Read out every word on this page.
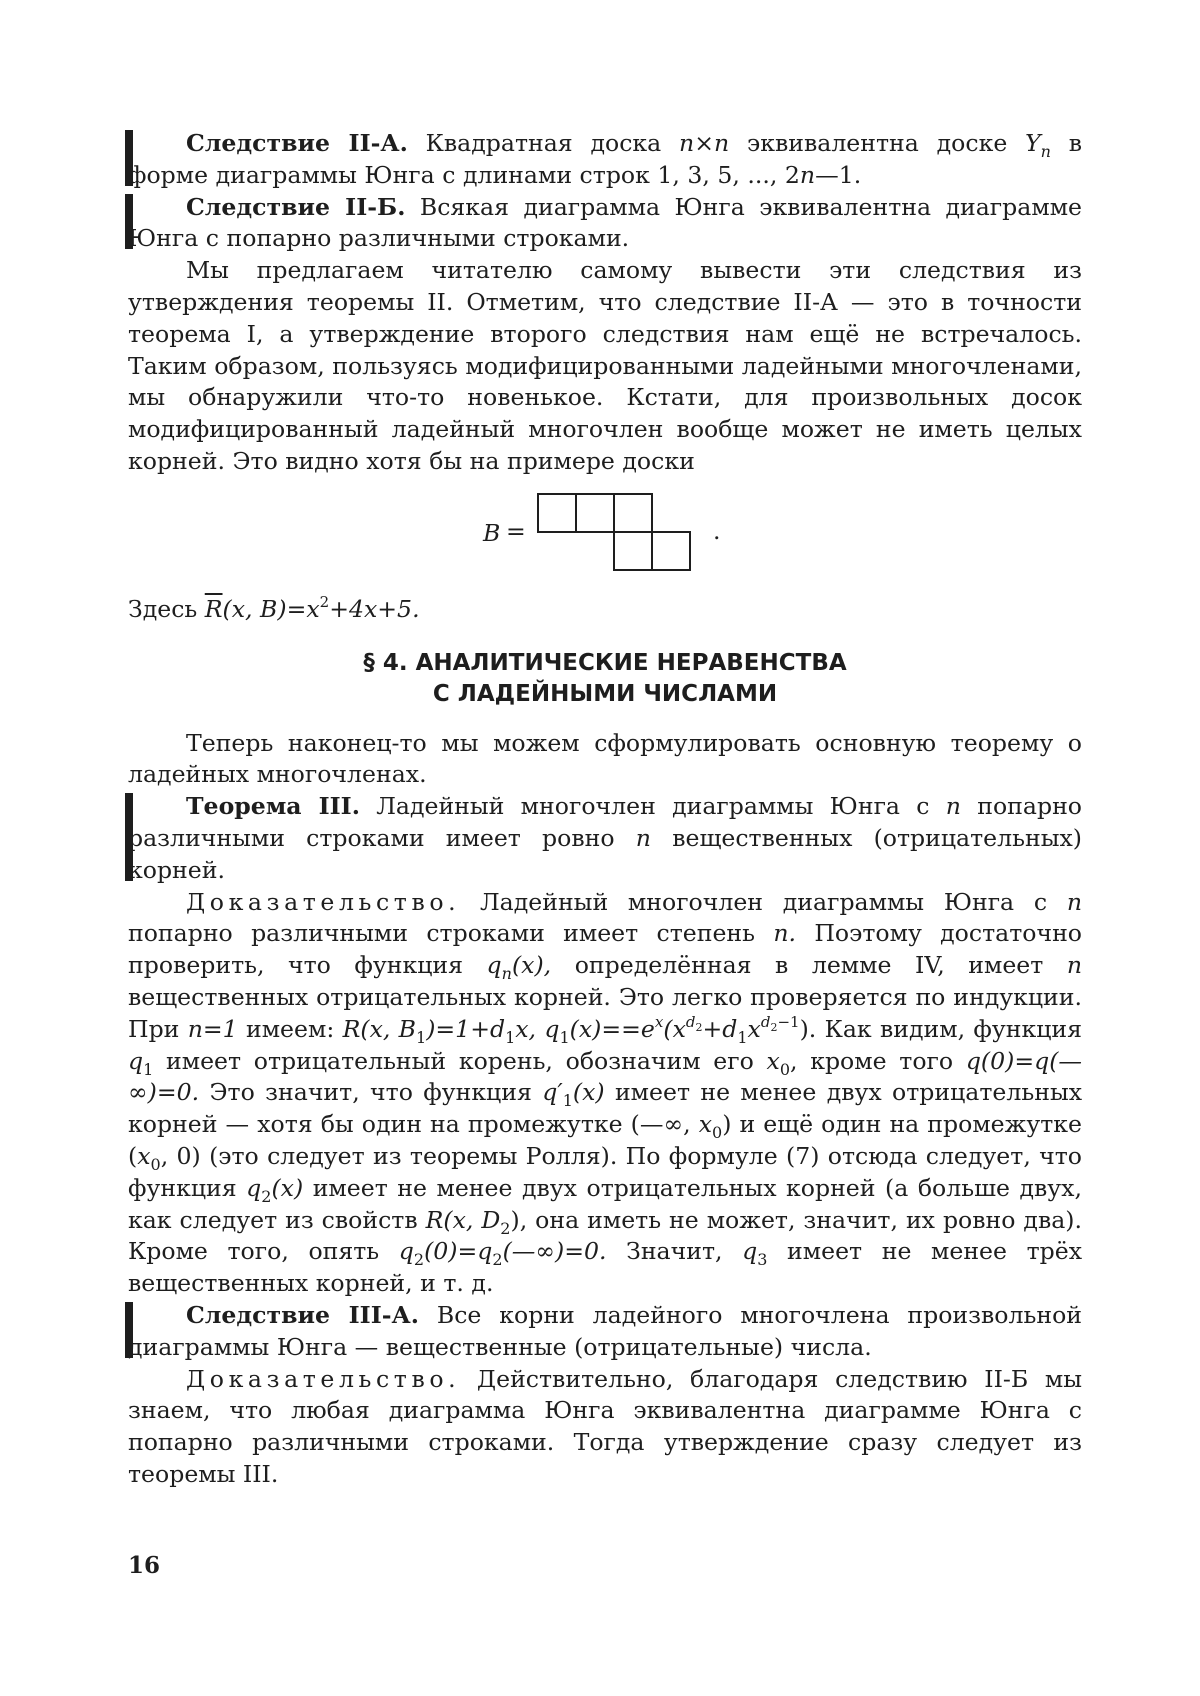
Следствие II-А. Квадратная доска n×n эквивалентна доске Yn в форме диаграммы Юнга с длинами строк 1, 3, 5, ..., 2n—1.

Следствие II-Б. Всякая диаграмма Юнга эквивалентна диаграмме Юнга с попарно различными строками.

Мы предлагаем читателю самому вывести эти следствия из утверждения теоремы II. Отметим, что следствие II-А — это в точности теорема I, а утверждение второго следствия нам ещё не встречалось. Таким образом, пользуясь модифицированными ладейными многочленами, мы обнаружили что-то новенькое. Кстати, для произвольных досок модифицированный ладейный многочлен вообще может не иметь целых корней. Это видно хотя бы на примере доски

B =	.

Здесь R(x, B)=x2+4x+5.

§ 4. АНАЛИТИЧЕСКИЕ НЕРАВЕНСТВА
С ЛАДЕЙНЫМИ ЧИСЛАМИ

Теперь наконец-то мы можем сформулировать основную теорему о ладейных многочленах.

Теорема III. Ладейный многочлен диаграммы Юнга с n попарно различными строками имеет ровно n вещественных (отрицательных) корней.

Доказательство. Ладейный многочлен диаграммы Юнга с n попарно различными строками имеет степень n. Поэтому достаточно проверить, что функция qn(x), определённая в лемме IV, имеет n вещественных отрицательных корней. Это легко проверяется по индукции. При n=1 имеем: R(x, B1)=1+d1x, q1(x)==ex(xd2+d1xd2−1). Как видим, функция q1 имеет отрицательный корень, обозначим его x0, кроме того q(0)=q(—∞)=0. Это значит, что функция q′1(x) имеет не менее двух отрицательных корней — хотя бы один на промежутке (—∞, x0) и ещё один на промежутке (x0, 0) (это следует из теоремы Ролля). По формуле (7) отсюда следует, что функция q2(x) имеет не менее двух отрицательных корней (а больше двух, как следует из свойств R(x, D2), она иметь не может, значит, их ровно два). Кроме того, опять q2(0)=q2(—∞)=0. Значит, q3 имеет не менее трёх вещественных корней, и т. д.

Следствие III-А. Все корни ладейного многочлена произвольной диаграммы Юнга — вещественные (отрицательные) числа.

Доказательство. Действительно, благодаря следствию II-Б мы знаем, что любая диаграмма Юнга эквивалентна диаграмме Юнга с попарно различными строками. Тогда утверждение сразу следует из теоремы III.

16
